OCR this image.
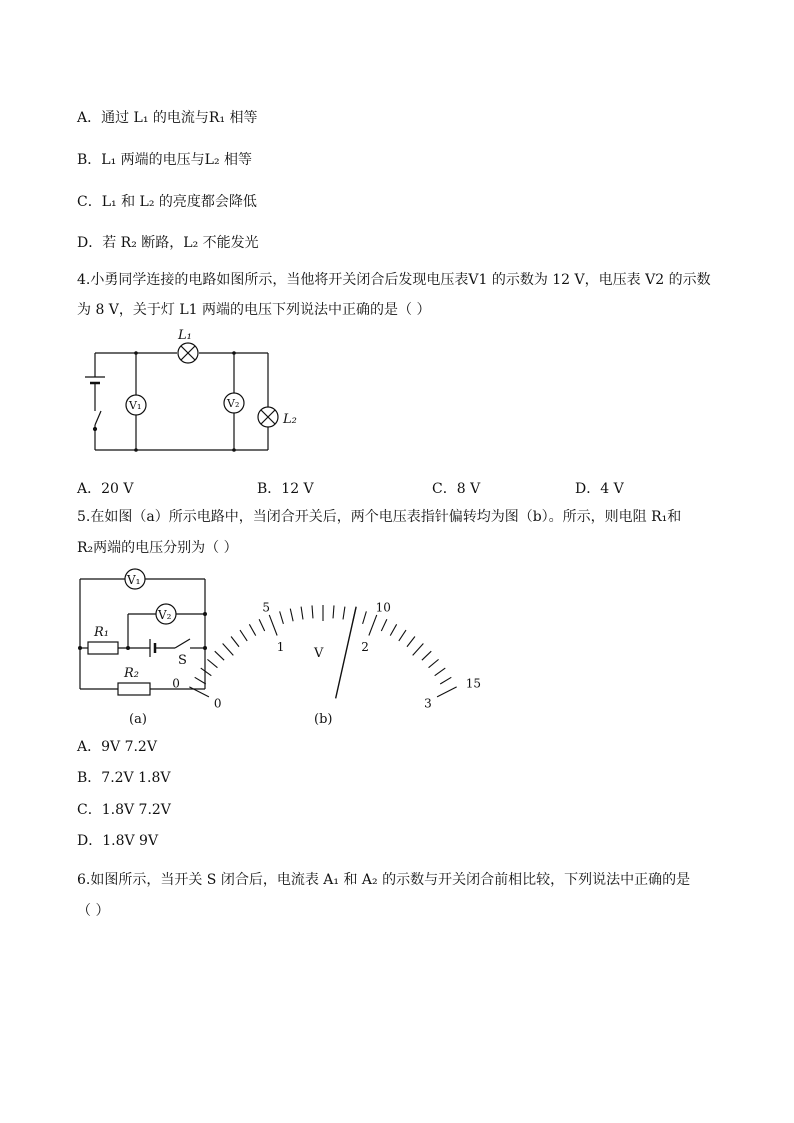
A．通过 L₁ 的电流与R₁ 相等
B．L₁ 两端的电压与L₂ 相等
C．L₁ 和 L₂ 的亮度都会降低
D．若 R₂ 断路，L₂ 不能发光
4.小勇同学连接的电路如图所示，当他将开关闭合后发现电压表V1 的示数为 12 V，电压表 V2 的示数
为 8 V，关于灯 L1 两端的电压下列说法中正确的是（ ）
L₁
V₁	V₂
L₂
A．20 V	B．12 V	C．8 V	D．4 V
5.在如图（a）所示电路中，当闭合开关后，两个电压表指针偏转均为图（b）。所示，则电阻 R₁和
R₂两端的电压分别为（ ）
V₁
V₂
R₁
S
R₂
(a)
0
5	10
15
0
1	2
3
V
(b)
A．9V 7.2V
B．7.2V 1.8V
C．1.8V 7.2V
D．1.8V 9V
6.如图所示，当开关 S 闭合后，电流表 A₁ 和 A₂ 的示数与开关闭合前相比较，下列说法中正确的是
（ ）
